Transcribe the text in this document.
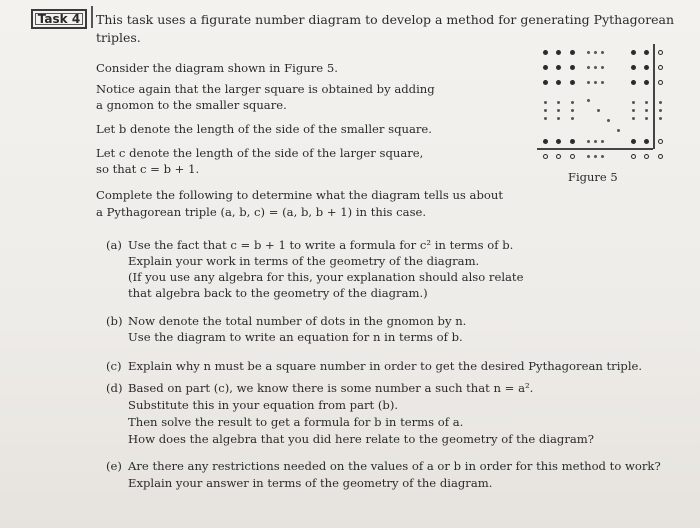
Task 4	This task uses a figurate number diagram to develop a method for generating Pythagorean triples.
Consider the diagram shown in Figure 5.
Notice again that the larger square is obtained by adding
a gnomon to the smaller square.
Let b denote the length of the side of the smaller square.
Let c denote the length of the side of the larger square,
so that c = b + 1.
Complete the following to determine what the diagram tells us about
a Pythagorean triple (a, b, c) = (a, b, b + 1) in this case.
Figure 5
(a) Use the fact that c = b + 1 to write a formula for c² in terms of b.
Explain your work in terms of the geometry of the diagram.
(If you use any algebra for this, your explanation should also relate
that algebra back to the geometry of the diagram.)
(b) Now denote the total number of dots in the gnomon by n.
Use the diagram to write an equation for n in terms of b.
(c) Explain why n must be a square number in order to get the desired Pythagorean triple.
(d) Based on part (c), we know there is some number a such that n = a².
Substitute this in your equation from part (b).
Then solve the result to get a formula for b in terms of a.
How does the algebra that you did here relate to the geometry of the diagram?
(e) Are there any restrictions needed on the values of a or b in order for this method to work?
Explain your answer in terms of the geometry of the diagram.
